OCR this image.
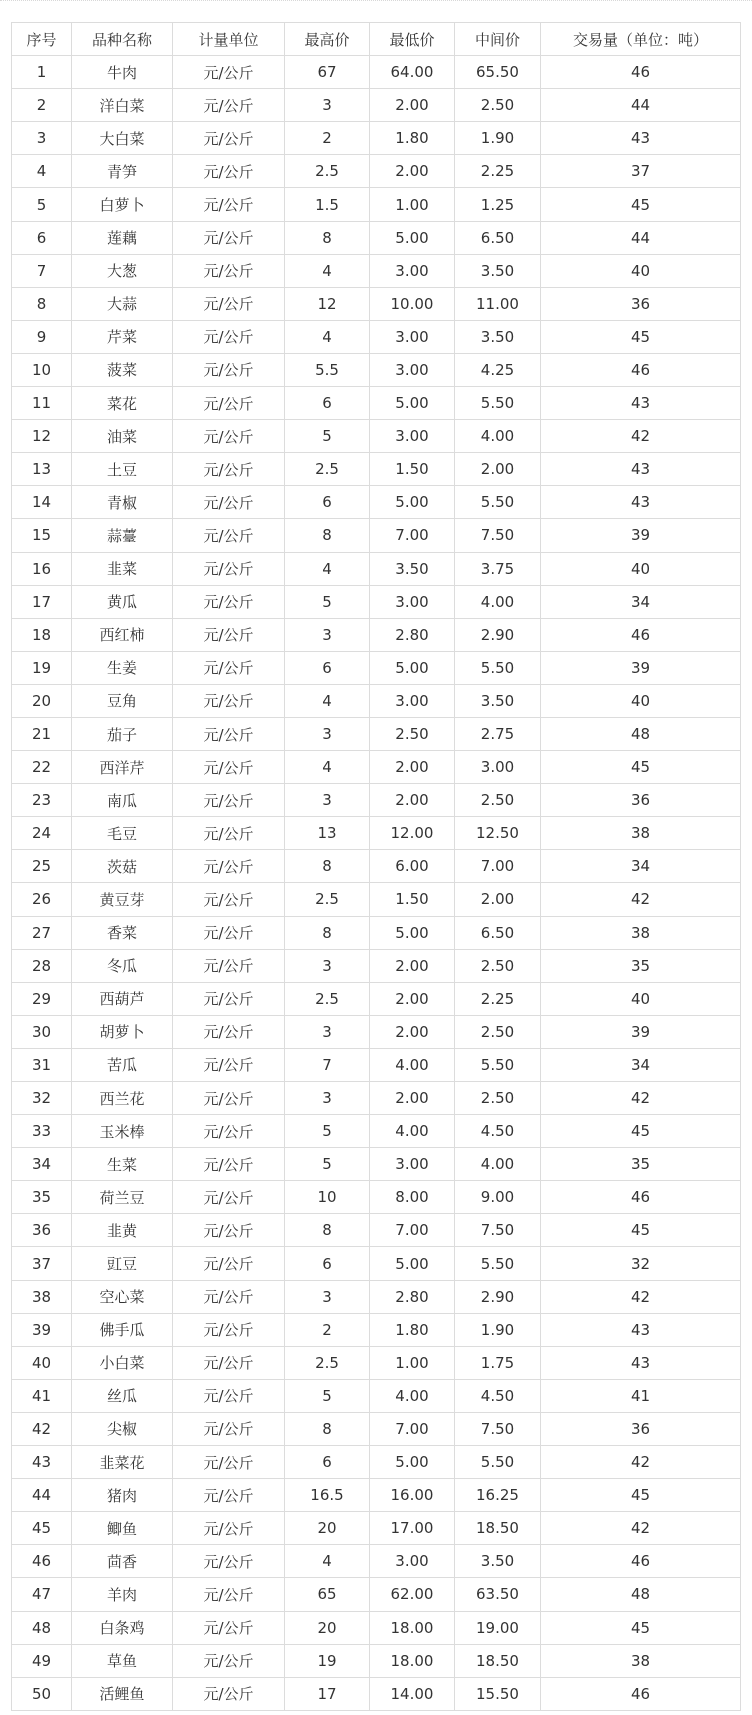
序号	品种名称	计量单位	最高价	最低价	中间价	交易量（单位：吨）
1	牛肉	元/公斤	67	64.00	65.50	46
2	洋白菜	元/公斤	3	2.00	2.50	44
3	大白菜	元/公斤	2	1.80	1.90	43
4	青笋	元/公斤	2.5	2.00	2.25	37
5	白萝卜	元/公斤	1.5	1.00	1.25	45
6	莲藕	元/公斤	8	5.00	6.50	44
7	大葱	元/公斤	4	3.00	3.50	40
8	大蒜	元/公斤	12	10.00	11.00	36
9	芹菜	元/公斤	4	3.00	3.50	45
10	菠菜	元/公斤	5.5	3.00	4.25	46
11	菜花	元/公斤	6	5.00	5.50	43
12	油菜	元/公斤	5	3.00	4.00	42
13	土豆	元/公斤	2.5	1.50	2.00	43
14	青椒	元/公斤	6	5.00	5.50	43
15	蒜薹	元/公斤	8	7.00	7.50	39
16	韭菜	元/公斤	4	3.50	3.75	40
17	黄瓜	元/公斤	5	3.00	4.00	34
18	西红柿	元/公斤	3	2.80	2.90	46
19	生姜	元/公斤	6	5.00	5.50	39
20	豆角	元/公斤	4	3.00	3.50	40
21	茄子	元/公斤	3	2.50	2.75	48
22	西洋芹	元/公斤	4	2.00	3.00	45
23	南瓜	元/公斤	3	2.00	2.50	36
24	毛豆	元/公斤	13	12.00	12.50	38
25	茨菇	元/公斤	8	6.00	7.00	34
26	黄豆芽	元/公斤	2.5	1.50	2.00	42
27	香菜	元/公斤	8	5.00	6.50	38
28	冬瓜	元/公斤	3	2.00	2.50	35
29	西葫芦	元/公斤	2.5	2.00	2.25	40
30	胡萝卜	元/公斤	3	2.00	2.50	39
31	苦瓜	元/公斤	7	4.00	5.50	34
32	西兰花	元/公斤	3	2.00	2.50	42
33	玉米棒	元/公斤	5	4.00	4.50	45
34	生菜	元/公斤	5	3.00	4.00	35
35	荷兰豆	元/公斤	10	8.00	9.00	46
36	韭黄	元/公斤	8	7.00	7.50	45
37	豇豆	元/公斤	6	5.00	5.50	32
38	空心菜	元/公斤	3	2.80	2.90	42
39	佛手瓜	元/公斤	2	1.80	1.90	43
40	小白菜	元/公斤	2.5	1.00	1.75	43
41	丝瓜	元/公斤	5	4.00	4.50	41
42	尖椒	元/公斤	8	7.00	7.50	36
43	韭菜花	元/公斤	6	5.00	5.50	42
44	猪肉	元/公斤	16.5	16.00	16.25	45
45	鲫鱼	元/公斤	20	17.00	18.50	42
46	茴香	元/公斤	4	3.00	3.50	46
47	羊肉	元/公斤	65	62.00	63.50	48
48	白条鸡	元/公斤	20	18.00	19.00	45
49	草鱼	元/公斤	19	18.00	18.50	38
50	活鲤鱼	元/公斤	17	14.00	15.50	46
